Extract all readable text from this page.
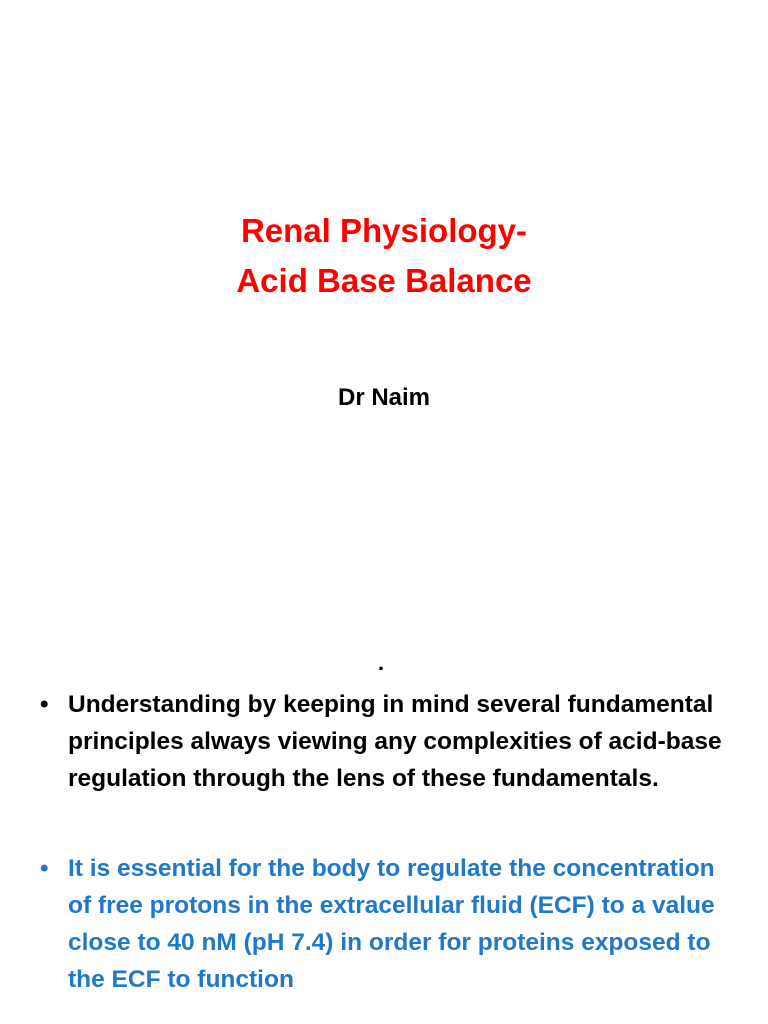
Renal Physiology-
Acid Base Balance

Dr Naim

.
• Understanding by keeping in mind several fundamental principles always viewing any complexities of acid-base regulation through the lens of these fundamentals.
• It is essential for the body to regulate the concentration of free protons in the extracellular fluid (ECF) to a value close to 40 nM (pH 7.4) in order for proteins exposed to the ECF to function
